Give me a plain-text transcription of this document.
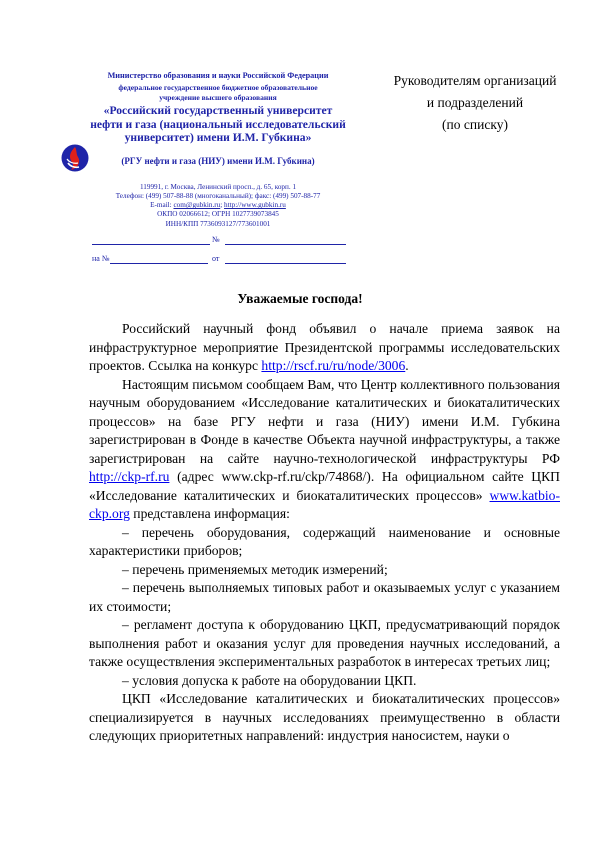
Министерство образования и науки Российской Федерации
федеральное государственное бюджетное образовательное
учреждение высшего образования
«Российский государственный университет
нефти и газа (национальный исследовательский
университет) имени И.М. Губкина»
(РГУ нефти и газа (НИУ) имени И.М. Губкина)
119991, г. Москва, Ленинский просп., д. 65, корп. 1
Телефон: (499) 507-88-88 (многоканальный); факс: (499) 507-88-77
E-mail: com@gubkin.ru; http://www.gubkin.ru
ОКПО 02066612; ОГРН 1027739073845
ИНН/КПП 7736093127/773601001
№
на №	от
Руководителям организаций
и подразделений
(по списку)
Уважаемые господа!

Российский научный фонд объявил о начале приема заявок на инфраструктурное мероприятие Президентской программы исследовательских проектов. Ссылка на конкурс http://rscf.ru/ru/node/3006.

Настоящим письмом сообщаем Вам, что Центр коллективного пользования научным оборудованием «Исследование каталитических и биокаталитических процессов» на базе РГУ нефти и газа (НИУ) имени И.М. Губкина зарегистрирован в Фонде в качестве Объекта научной инфраструктуры, а также зарегистрирован на сайте научно-технологической инфраструктуры РФ http://ckp-rf.ru (адрес www.ckp-rf.ru/ckp/74868/). На официальном сайте ЦКП «Исследование каталитических и биокаталитических процессов» www.katbio-ckp.org представлена информация:

– перечень оборудования, содержащий наименование и основные характеристики приборов;

– перечень применяемых методик измерений;

– перечень выполняемых типовых работ и оказываемых услуг с указанием их стоимости;

– регламент доступа к оборудованию ЦКП, предусматривающий порядок выполнения работ и оказания услуг для проведения научных исследований, а также осуществления экспериментальных разработок в интересах третьих лиц;

– условия допуска к работе на оборудовании ЦКП.

ЦКП «Исследование каталитических и биокаталитических процессов» специализируется в научных исследованиях преимущественно в области следующих приоритетных направлений: индустрия наносистем, науки о
